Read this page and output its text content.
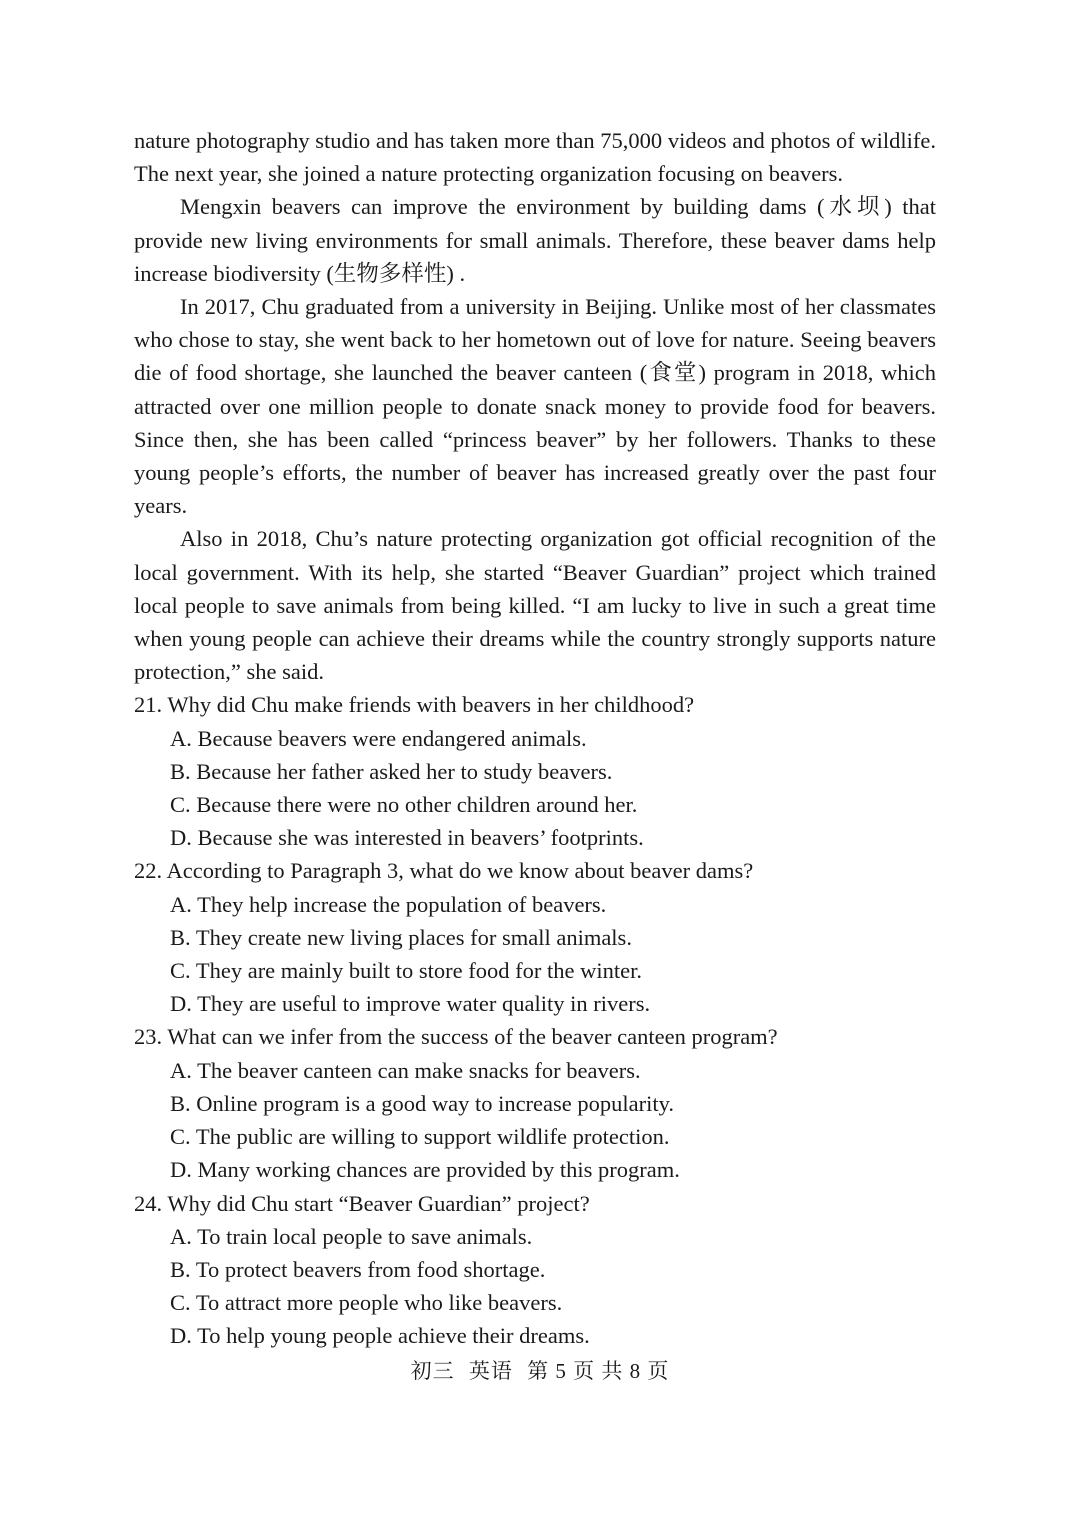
nature photography studio and has taken more than 75,000 videos and photos of wildlife. The next year, she joined a nature protecting organization focusing on beavers.

Mengxin beavers can improve the environment by building dams (水坝) that provide new living environments for small animals. Therefore, these beaver dams help increase biodiversity (生物多样性) .

In 2017, Chu graduated from a university in Beijing. Unlike most of her classmates who chose to stay, she went back to her hometown out of love for nature. Seeing beavers die of food shortage, she launched the beaver canteen (食堂) program in 2018, which attracted over one million people to donate snack money to provide food for beavers. Since then, she has been called “princess beaver” by her followers. Thanks to these young people’s efforts, the number of beaver has increased greatly over the past four years.

Also in 2018, Chu’s nature protecting organization got official recognition of the local government. With its help, she started “Beaver Guardian” project which trained local people to save animals from being killed. “I am lucky to live in such a great time when young people can achieve their dreams while the country strongly supports nature protection,” she said.

21. Why did Chu make friends with beavers in her childhood?

A. Because beavers were endangered animals.

B. Because her father asked her to study beavers.

C. Because there were no other children around her.

D. Because she was interested in beavers’ footprints.

22. According to Paragraph 3, what do we know about beaver dams?

A. They help increase the population of beavers.

B. They create new living places for small animals.

C. They are mainly built to store food for the winter.

D. They are useful to improve water quality in rivers.

23. What can we infer from the success of the beaver canteen program?

A. The beaver canteen can make snacks for beavers.

B. Online program is a good way to increase popularity.

C. The public are willing to support wildlife protection.

D. Many working chances are provided by this program.

24. Why did Chu start “Beaver Guardian” project?

A. To train local people to save animals.

B. To protect beavers from food shortage.

C. To attract more people who like beavers.

D. To help young people achieve their dreams.

初三 英语 第 5 页 共 8 页
